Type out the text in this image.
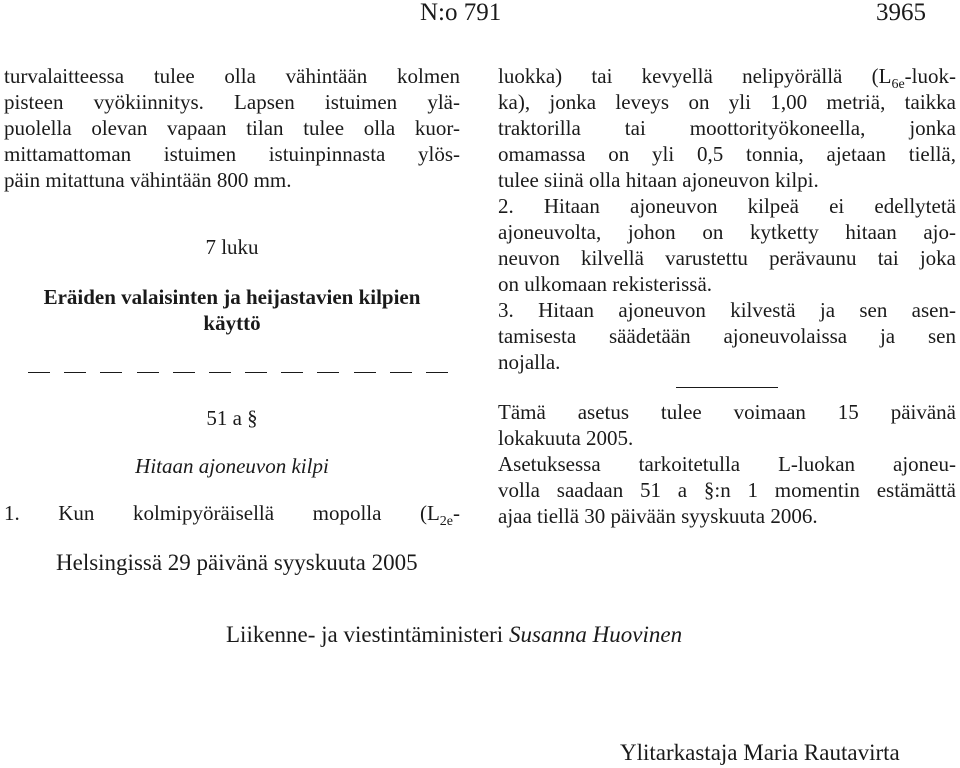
N:o 791	3965
turvalaitteessa tulee olla vähintään kolmen
pisteen vyökiinnitys. Lapsen istuimen ylä-
puolella olevan vapaan tilan tulee olla kuor-
mittamattoman istuimen istuinpinnasta ylös-
päin mitattuna vähintään 800 mm.
7 luku
Eräiden valaisinten ja heijastavien kilpien
käyttö
51 a §
Hitaan ajoneuvon kilpi
1. Kun kolmipyöräisellä mopolla ($L_{2e}-$
luokka) tai kevyellä nelipyörällä ($L_{6e}-luok-$
ka), jonka leveys on yli 1,00 metriä, taikka
traktorilla tai moottorityökoneella, jonka
omamassa on yli 0,5 tonnia, ajetaan tiellä,
tulee siinä olla hitaan ajoneuvon kilpi.
2. Hitaan ajoneuvon kilpeä ei edellytetä
ajoneuvolta, johon on kytketty hitaan ajo-
neuvon kilvellä varustettu perävaunu tai joka
on ulkomaan rekisterissä.
3. Hitaan ajoneuvon kilvestä ja sen asen-
tamisesta säädetään ajoneuvolaissa ja sen
nojalla.
Tämä asetus tulee voimaan 15 päivänä
lokakuuta 2005.
Asetuksessa tarkoitetulla L-luokan ajoneu-
volla saadaan 51 a §:n 1 momentin estämättä
ajaa tiellä 30 päivään syyskuuta 2006.
Helsingissä 29 päivänä syyskuuta 2005
Liikenne- ja viestintäministeri Susanna Huovinen
Ylitarkastaja Maria Rautavirta
